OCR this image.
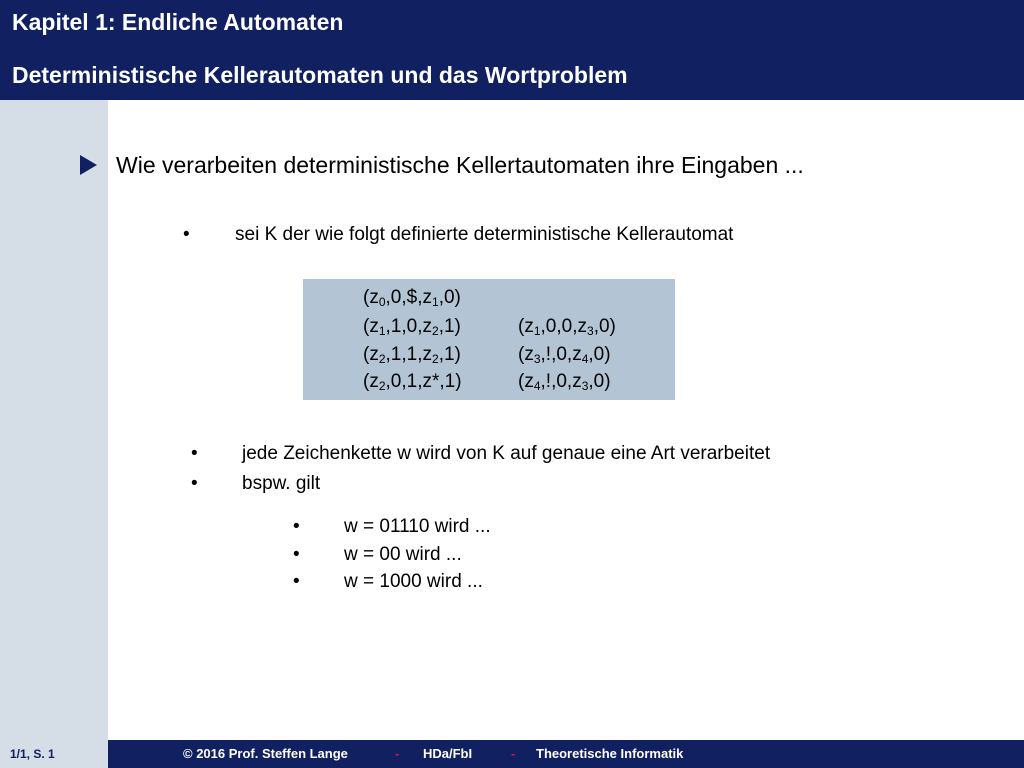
Kapitel 1: Endliche Automaten
Deterministische Kellerautomaten und das Wortproblem
Wie verarbeiten deterministische Kellertautomaten ihre Eingaben ...
• sei K der wie folgt definierte deterministische Kellerautomat
$(z_0,0,\$,z_1,0)$
$(z_1,1,0,z_2,1)$	$(z_1,0,0,z_3,0)$
$(z_2,1,1,z_2,1)$	$(z_3,!,0,z_4,0)$
$(z_2,0,1,z*,1)$	$(z_4,!,0,z_3,0)$
• jede Zeichenkette w wird von K auf genaue eine Art verarbeitet
• bspw. gilt
• w = 01110 wird ...
• w = 00 wird ...
• w = 1000 wird ...
1/1, S. 1	© 2016 Prof. Steffen Lange	- HDa/FbI	- Theoretische Informatik
